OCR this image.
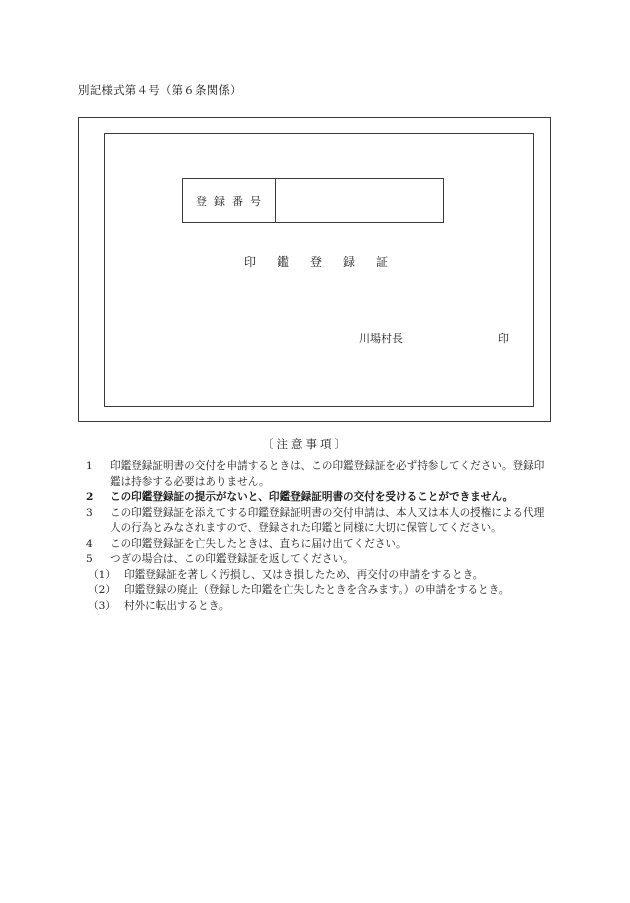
別記様式第４号（第６条関係）
登録番号
印鑑登録証
川場村長	印
〔注意事項〕
1	印鑑登録証明書の交付を申請するときは、この印鑑登録証を必ず持参してください。登録印鑑は持参する必要はありません。
2	この印鑑登録証の提示がないと、印鑑登録証明書の交付を受けることができません。
3	この印鑑登録証を添えてする印鑑登録証明書の交付申請は、本人又は本人の授権による代理人の行為とみなされますので、登録された印鑑と同様に大切に保管してください。
4	この印鑑登録証を亡失したときは、直ちに届け出てください。
5	つぎの場合は、この印鑑登録証を返してください。
（1） 印鑑登録証を著しく汚損し、又はき損したため、再交付の申請をするとき。
（2） 印鑑登録の廃止（登録した印鑑を亡失したときを含みます。）の申請をするとき。
（3） 村外に転出するとき。
